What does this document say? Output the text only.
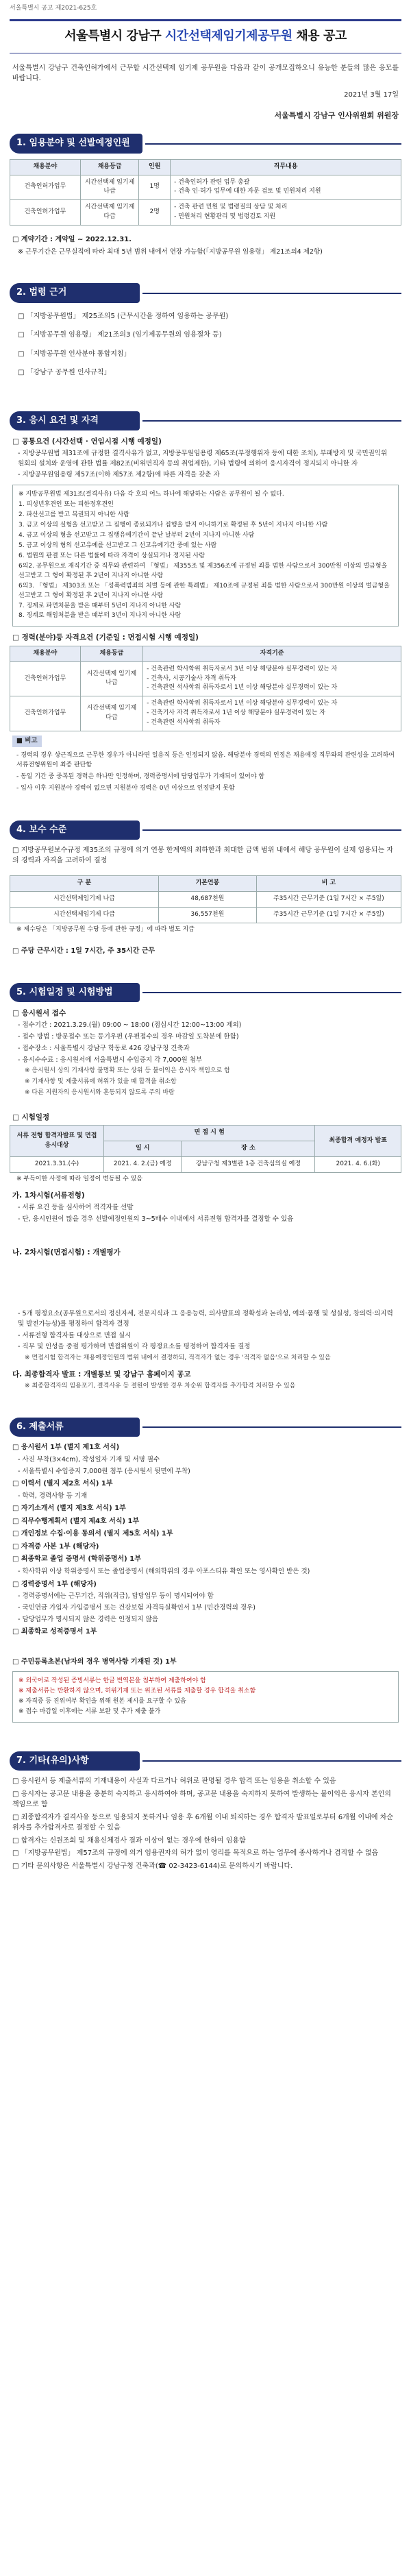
서울특별시 공고 제2021-625호
서울특별시 강남구 시간선택제임기제공무원 채용 공고

서울특별시 강남구 건축인허가에서 근무할 시간선택제 임기제 공무원을 다음과 같이 공개모집하오니 유능한 분들의 많은 응모를 바랍니다.

2021년 3월 17일
서울특별시 강남구 인사위원회 위원장
1. 임용분야 및 선발예정인원
채용분야	채용등급	인원	직무내용
건축인허가업무	시간선택제 임기제 나급	1명	- 건축인허가 관련 업무 총괄
- 건축 인·허가 업무에 대한 자문 검토 및 민원처리 지원

건축인허가업무	시간선택제 임기제 다급	2명	- 건축 관련 민원 및 법령질의 상담 및 처리
- 민원처리 현황관리 및 법령검토 지원
□ 계약기간 : 계약일 ~ 2022.12.31.
※ 근무기간은 근무실적에 따라 최대 5년 범위 내에서 연장 가능함(「지방공무원 임용령」 제21조의4 제2항)
2. 법령 근거

□ 「지방공무원법」 제25조의5 (근무시간을 정하여 임용하는 공무원)

□ 「지방공무원 임용령」 제21조의3 (임기제공무원의 임용절차 등)

□ 「지방공무원 인사분야 통합지침」

□ 「강남구 공무원 인사규칙」

3. 응시 요건 및 자격
□ 공통요건 (시간선택 · 연임시점 시행 예정일)
- 지방공무원법 제31조에 규정한 결격사유가 없고, 지방공무원임용령 제65조(부정행위자 등에 대한 조치), 부패방지 및 국민권익위원회의 설치와 운영에 관한 법률 제82조(비위면직자 등의 취업제한), 기타 법령에 의하여 응시자격이 정지되지 아니한 자
- 지방공무원임용령 제57조(이하 제57조 제2항)에 따른 자격을 갖춘 자

※ 지방공무원법 제31조(결격사유) 다음 각 호의 어느 하나에 해당하는 사람은 공무원이 될 수 없다.

1. 피성년후견인 또는 피한정후견인

2. 파산선고를 받고 복권되지 아니한 사람

3. 금고 이상의 실형을 선고받고 그 집행이 종료되거나 집행을 받지 아니하기로 확정된 후 5년이 지나지 아니한 사람

4. 금고 이상의 형을 선고받고 그 집행유예기간이 끝난 날부터 2년이 지나지 아니한 사람

5. 금고 이상의 형의 선고유예를 선고받고 그 선고유예기간 중에 있는 사람

6. 법원의 판결 또는 다른 법률에 따라 자격이 상실되거나 정지된 사람

6의2. 공무원으로 재직기간 중 직무와 관련하여 「형법」 제355조 및 제356조에 규정된 죄를 범한 사람으로서 300만원 이상의 벌금형을 선고받고 그 형이 확정된 후 2년이 지나지 아니한 사람

6의3. 「형법」 제303조 또는 「성폭력범죄의 처벌 등에 관한 특례법」 제10조에 규정된 죄를 범한 사람으로서 300만원 이상의 벌금형을 선고받고 그 형이 확정된 후 2년이 지나지 아니한 사람

7. 징계로 파면처분을 받은 때부터 5년이 지나지 아니한 사람

8. 징계로 해임처분을 받은 때부터 3년이 지나지 아니한 사람

□ 경력(분야)등 자격요건 (기준일 : 면접시험 시행 예정일)
채용분야	채용등급	자격기준
건축인허가업무	시간선택제 임기제 나급	- 건축관련 학사학위 취득자로서 3년 이상 해당분야 실무경력이 있는 자
- 건축사, 시공기술사 자격 취득자
- 건축관련 석사학위 취득자로서 1년 이상 해당분야 실무경력이 있는 자

건축인허가업무	시간선택제 임기제 다급	- 건축관련 학사학위 취득자로서 1년 이상 해당분야 실무경력이 있는 자
- 건축기사 자격 취득자로서 1년 이상 해당분야 실무경력이 있는 자
- 건축관련 석사학위 취득자
■ 비고
- 경력의 경우 상근직으로 근무한 경우가 아니라면 일용직 등은 인정되지 않음. 해당분야 경력의 인정은 채용예정 직무와의 관련성을 고려하여 서류전형위원이 최종 판단함
- 동일 기간 중 중복된 경력은 하나만 인정하며, 경력증명서에 담당업무가 기재되어 있어야 함
- 입사 이후 지원분야 경력이 없으면 지원분야 경력은 0년 이상으로 인정받지 못함
4. 보수 수준
□ 지방공무원보수규정 제35조의 규정에 의거 연봉 한계액의 최하한과 최대한 금액 범위 내에서 해당 공무원이 실제 임용되는 자의 경력과 자격을 고려하여 결정
구 분	기본연봉	비 고
시간선택제임기제 나급	48,687천원	주35시간 근무기준 (1일 7시간 × 주5일)
시간선택제임기제 다급	36,557천원	주35시간 근무기준 (1일 7시간 × 주5일)
※ 제수당은 「지방공무원 수당 등에 관한 규정」에 따라 별도 지급
□ 주당 근무시간 : 1일 7시간, 주 35시간 근무
5. 시험일정 및 시험방법
□ 응시원서 접수
- 접수기간 : 2021.3.29.(월) 09:00 ~ 18:00 (점심시간 12:00~13:00 제외)
- 접수 방법 : 방문접수 또는 등기우편 (우편접수의 경우 마감일 도착분에 한함)
- 접수장소 : 서울특별시 강남구 학동로 426 강남구청 건축과
- 응시수수료 : 응시원서에 서울특별시 수입증지 각 7,000원 첨부
※ 응시원서 상의 기재사항 불명확 또는 상위 등 불이익은 응시자 책임으로 함
※ 기재사항 및 제출서류에 허위가 있을 때 합격을 취소함
※ 다른 지원자의 응시원서와 혼동되지 않도록 주의 바람
□ 시험일정
서류 전형 합격자발표 및 면접 응시대상	면 접 시 험		최종합격 예정자 발표
	일 시	장 소	
2021.3.31.(수)	2021. 4. 2.(금) 예정	강남구청 제3별관 1층 건축심의실 예정	2021. 4. 6.(화)
※ 부득이한 사정에 따라 일정이 변동될 수 있음
가. 1차시험(서류전형)
- 서류 요건 등을 심사하여 적격자를 선발
- 단, 응시인원이 많을 경우 선발예정인원의 3~5배수 이내에서 서류전형 합격자를 결정할 수 있음
나. 2차시험(면접시험) : 개별평가
- 5개 평정요소(공무원으로서의 정신자세, 전문지식과 그 응용능력, 의사발표의 정확성과 논리성, 예의·품행 및 성실성, 창의력·의지력 및 발전가능성)를 평정하여 합격자 결정
- 서류전형 합격자를 대상으로 면접 실시
- 직무 및 인성을 중점 평가하며 면접위원이 각 평정요소를 평정하여 합격자를 결정
※ 면접시험 합격자는 채용예정인원의 범위 내에서 결정하되, 적격자가 없는 경우 '적격자 없음'으로 처리할 수 있음
다. 최종합격자 발표 : 개별통보 및 강남구 홈페이지 공고
※ 최종합격자의 임용포기, 결격사유 등 결원이 발생한 경우 차순위 합격자를 추가합격 처리할 수 있음
6. 제출서류
□ 응시원서 1부 (별지 제1호 서식)
- 사진 부착(3×4cm), 작성일자 기재 및 서명 필수
- 서울특별시 수입증지 7,000원 첨부 (응시원서 뒷면에 부착)
□ 이력서 (별지 제2호 서식) 1부
- 학력, 경력사항 등 기재
□ 자기소개서 (별지 제3호 서식) 1부
□ 직무수행계획서 (별지 제4호 서식) 1부
□ 개인정보 수집·이용 동의서 (별지 제5호 서식) 1부
□ 자격증 사본 1부 (해당자)
□ 최종학교 졸업 증명서 (학위증명서) 1부
- 학사학위 이상 학위증명서 또는 졸업증명서 (해외학위의 경우 아포스티유 확인 또는 영사확인 받은 것)
□ 경력증명서 1부 (해당자)
- 경력증명서에는 근무기간, 직위(직급), 담당업무 등이 명시되어야 함
- 국민연금 가입자 가입증명서 또는 건강보험 자격득실확인서 1부 (민간경력의 경우)
- 담당업무가 명시되지 않은 경력은 인정되지 않음
□ 최종학교 성적증명서 1부
□ 주민등록초본(남자의 경우 병역사항 기재된 것) 1부

※ 외국어로 작성된 증빙서류는 한글 번역본을 첨부하여 제출하여야 함

※ 제출서류는 반환하지 않으며, 허위기재 또는 위조된 서류를 제출할 경우 합격을 취소함

※ 자격증 등 진위여부 확인을 위해 원본 제시를 요구할 수 있음

※ 접수 마감일 이후에는 서류 보완 및 추가 제출 불가

7. 기타(유의)사항
□ 응시원서 등 제출서류의 기재내용이 사실과 다르거나 허위로 판명될 경우 합격 또는 임용을 취소할 수 있음
□ 응시자는 공고문 내용을 충분히 숙지하고 응시하여야 하며, 공고문 내용을 숙지하지 못하여 발생하는 불이익은 응시자 본인의 책임으로 함
□ 최종합격자가 결격사유 등으로 임용되지 못하거나 임용 후 6개월 이내 퇴직하는 경우 합격자 발표일로부터 6개월 이내에 차순위자를 추가합격자로 결정할 수 있음
□ 합격자는 신원조회 및 채용신체검사 결과 이상이 없는 경우에 한하여 임용함
□ 「지방공무원법」 제57조의 규정에 의거 임용권자의 허가 없이 영리를 목적으로 하는 업무에 종사하거나 겸직할 수 없음
□ 기타 문의사항은 서울특별시 강남구청 건축과(☎ 02-3423-6144)로 문의하시기 바랍니다.
